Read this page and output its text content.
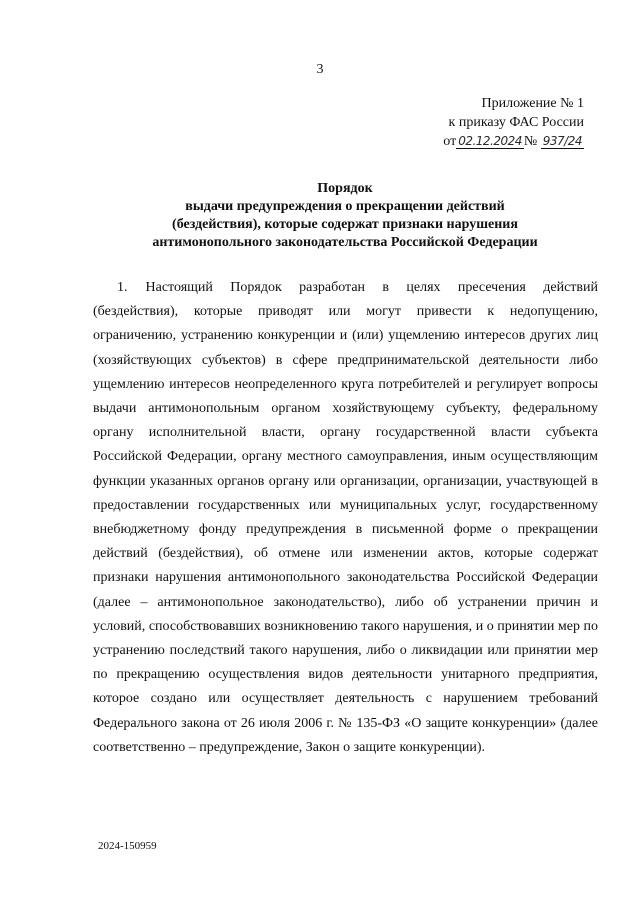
3
Приложение № 1
к приказу ФАС России
от 02.12.2024 № 937/24
Порядок
выдачи предупреждения о прекращении действий
(бездействия), которые содержат признаки нарушения
антимонопольного законодательства Российской Федерации

1. Настоящий Порядок разработан в целях пресечения действий (бездействия), которые приводят или могут привести к недопущению, ограничению, устранению конкуренции и (или) ущемлению интересов других лиц (хозяйствующих субъектов) в сфере предпринимательской деятельности либо ущемлению интересов неопределенного круга потребителей и регулирует вопросы выдачи антимонопольным органом хозяйствующему субъекту, федеральному органу исполнительной власти, органу государственной власти субъекта Российской Федерации, органу местного самоуправления, иным осуществляющим функции указанных органов органу или организации, организации, участвующей в предоставлении государственных или муниципальных услуг, государственному внебюджетному фонду предупреждения в письменной форме о прекращении действий (бездействия), об отмене или изменении актов, которые содержат признаки нарушения антимонопольного законодательства Российской Федерации (далее – антимонопольное законодательство), либо об устранении причин и условий, способствовавших возникновению такого нарушения, и о принятии мер по устранению последствий такого нарушения, либо о ликвидации или принятии мер по прекращению осуществления видов деятельности унитарного предприятия, которое создано или осуществляет деятельность с нарушением требований Федерального закона от 26 июля 2006 г. № 135-ФЗ «О защите конкуренции» (далее соответственно – предупреждение, Закон о защите конкуренции).

2024-150959
